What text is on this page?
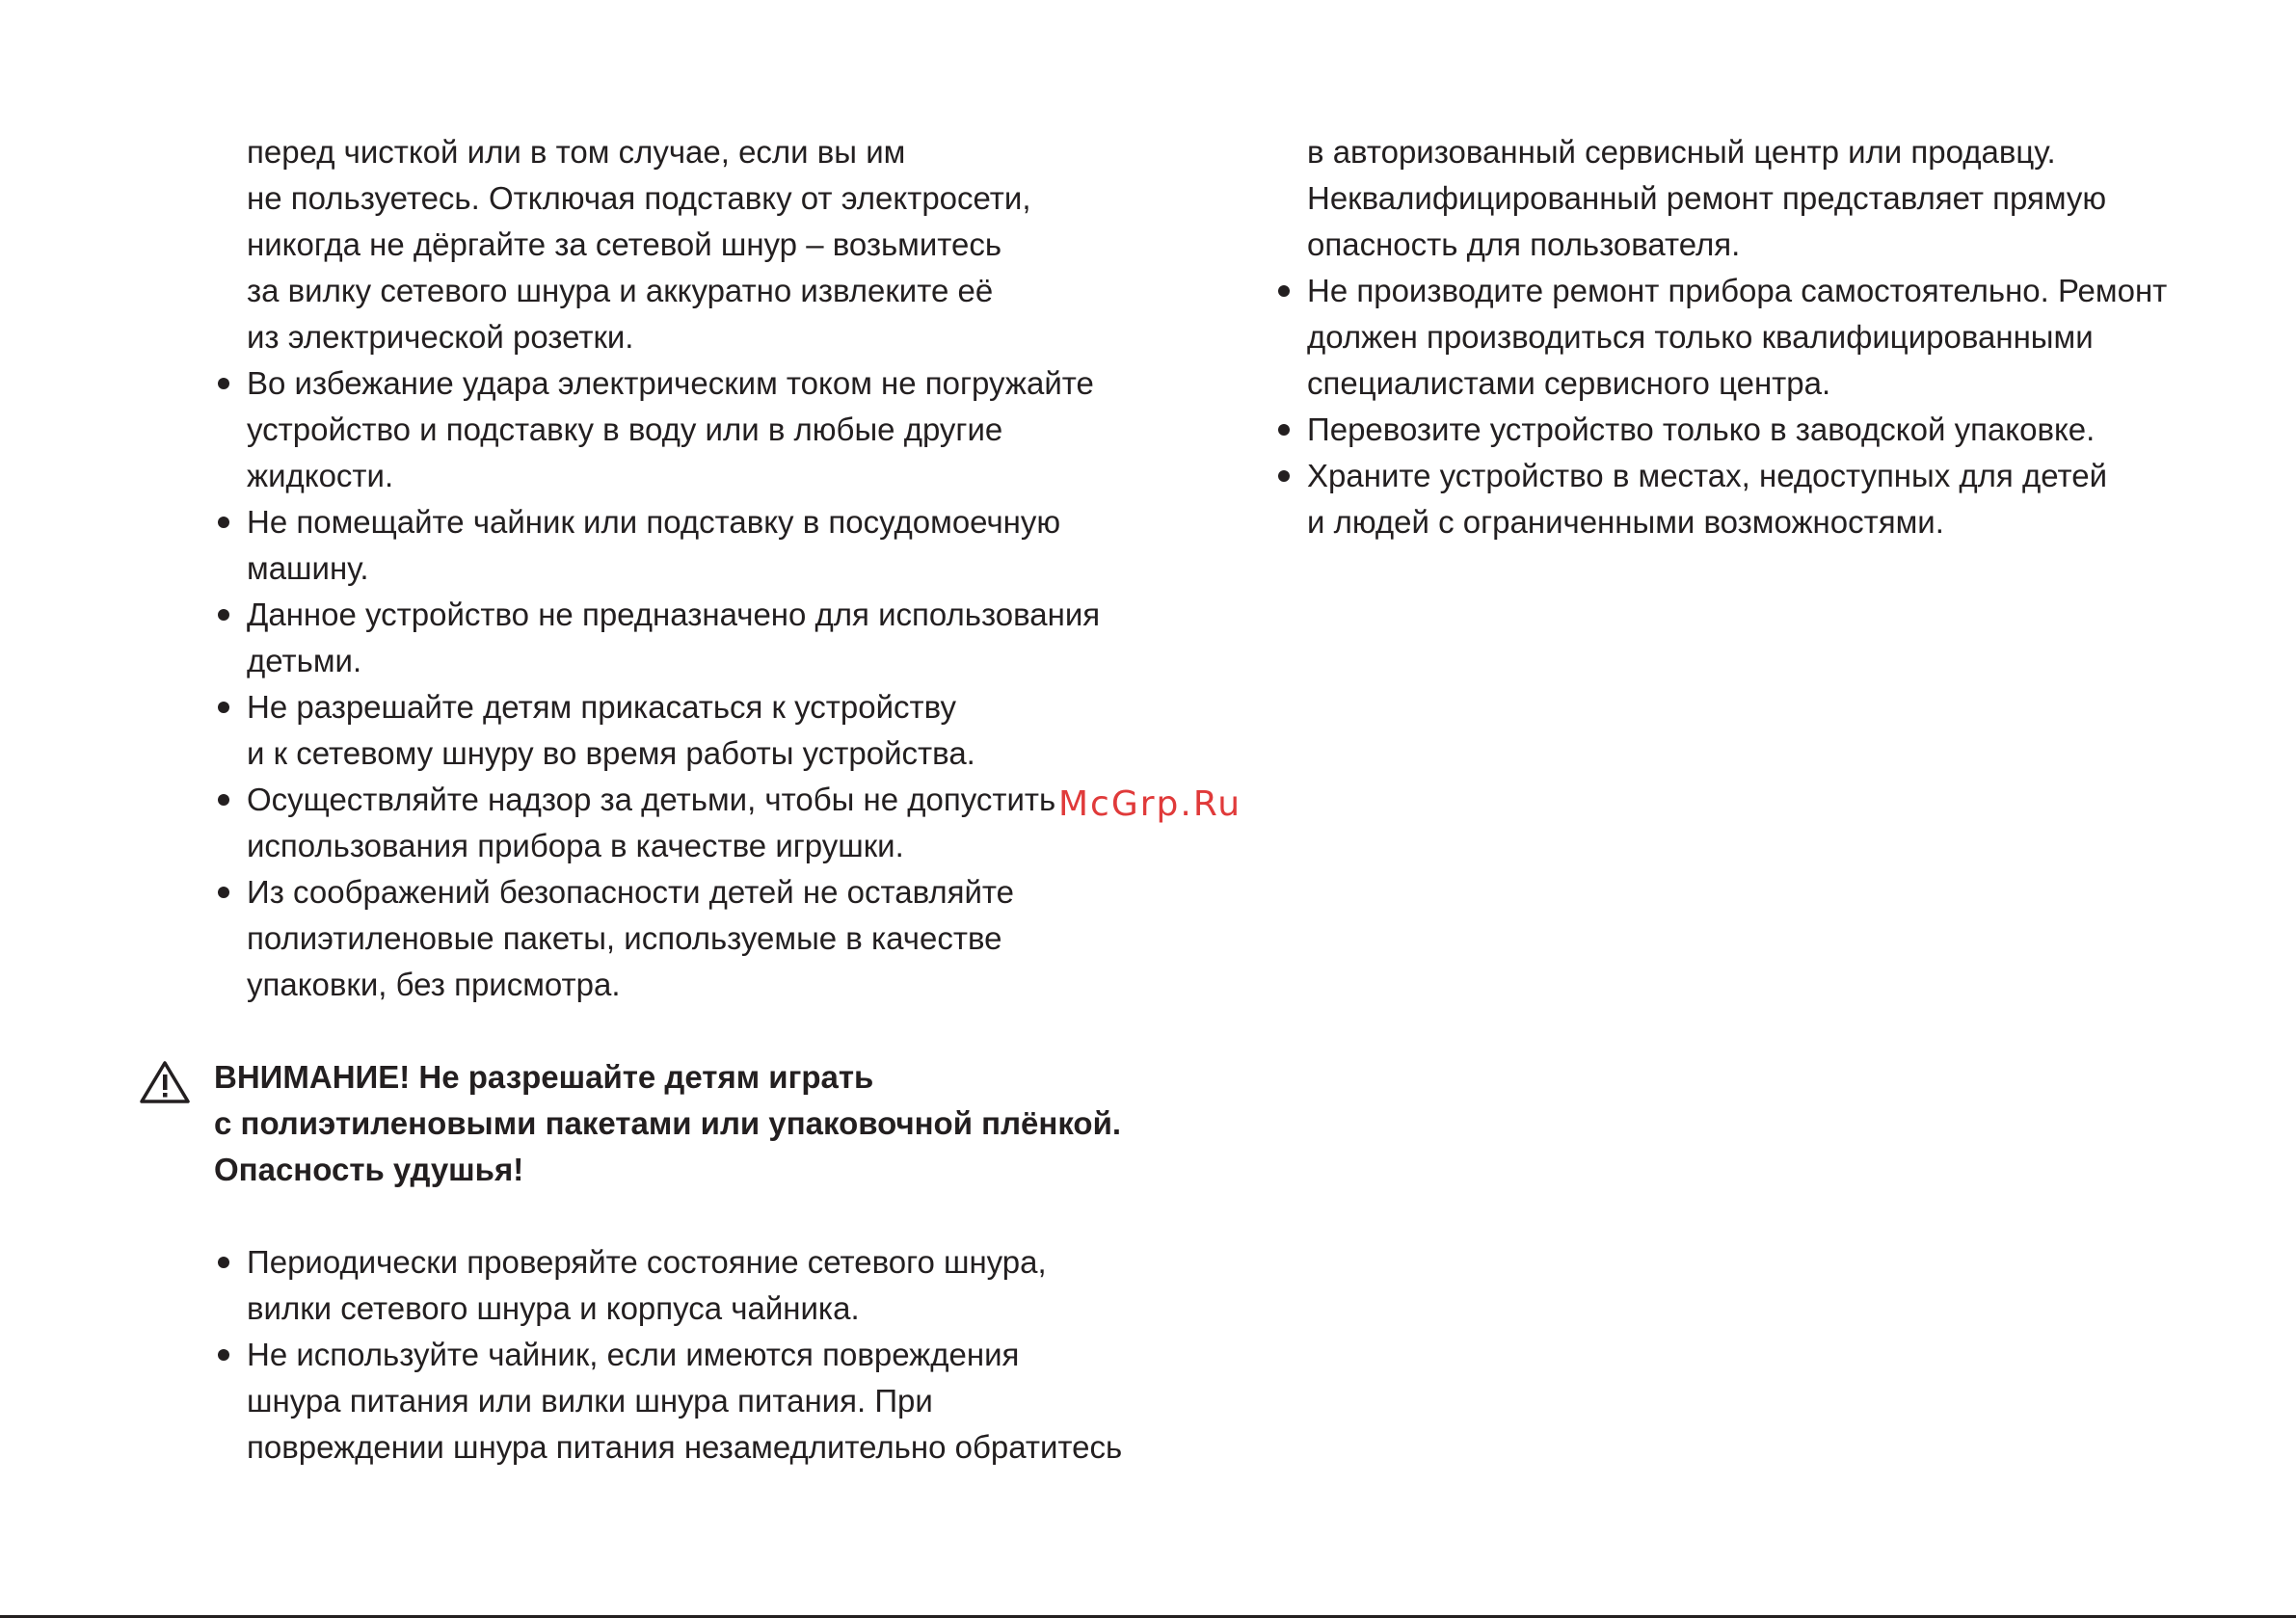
перед чисткой или в том случае, если вы им
не пользуетесь. Отключая подставку от электросети,
никогда не дёргайте за сетевой шнур – возьмитесь
за вилку сетевого шнура и аккуратно извлеките её
из электрической розетки.

Во избежание удара электрическим током не погружайте
устройство и подставку в воду или в любые другие
жидкости.
Не помещайте чайник или подставку в посудомоечную
машину.
Данное устройство не предназначено для использования
детьми.
Не разрешайте детям прикасаться к устройству
и к сетевому шнуру во время работы устройства.
Осуществляйте надзор за детьми, чтобы не допустить
использования прибора в качестве игрушки.
Из соображений безопасности детей не оставляйте
полиэтиленовые пакеты, используемые в качестве
упаковки, без присмотра.
ВНИМАНИЕ! Не разрешайте детям играть
с полиэтиленовыми пакетами или упаковочной плёнкой.
Опасность удушья!
Периодически проверяйте состояние сетевого шнура,
вилки сетевого шнура и корпуса чайника.
Не используйте чайник, если имеются повреждения
шнура питания или вилки шнура питания. При
повреждении шнура питания незамедлительно обратитесь

в авторизованный сервисный центр или продавцу.
Неквалифицированный ремонт представляет прямую
опасность для пользователя.

Не производите ремонт прибора самостоятельно. Ремонт
должен производиться только квалифицированными
специалистами сервисного центра.
Перевозите устройство только в заводской упаковке.
Храните устройство в местах, недоступных для детей
и людей с ограниченными возможностями.
McGrp.Ru
